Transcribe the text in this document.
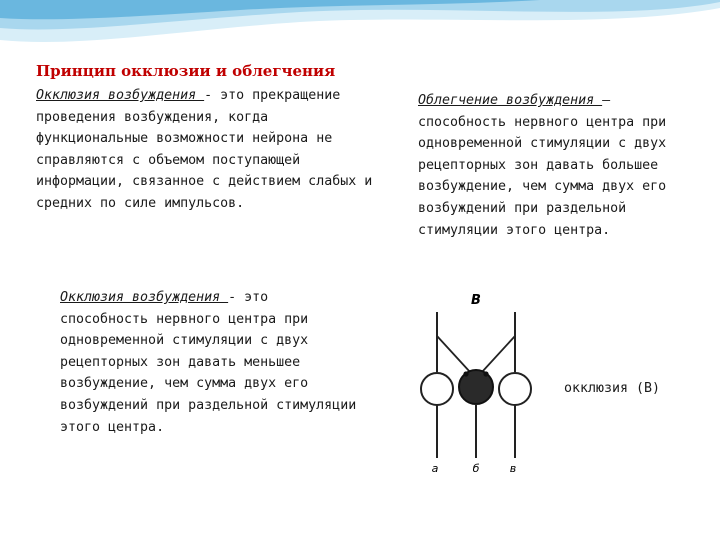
Принцип окклюзии и облегчения

Окклюзия возбуждения - это прекращение проведения возбуждения, когда функциональные возможности нейрона не справляются с объемом поступающей информации, связанное с действием слабых и средних по силе импульсов.

Окклюзия возбуждения - это способность нервного центра при одновременной стимуляции с двух рецепторных зон давать меньшее возбуждение, чем сумма двух его возбуждений при раздельной стимуляции этого центра.

Облегчение возбуждения – способность нервного центра при одновременной стимуляции с двух рецепторных зон давать большее возбуждение, чем сумма двух его возбуждений при раздельной стимуляции этого центра.

В
а	б	в

окклюзия (В)
